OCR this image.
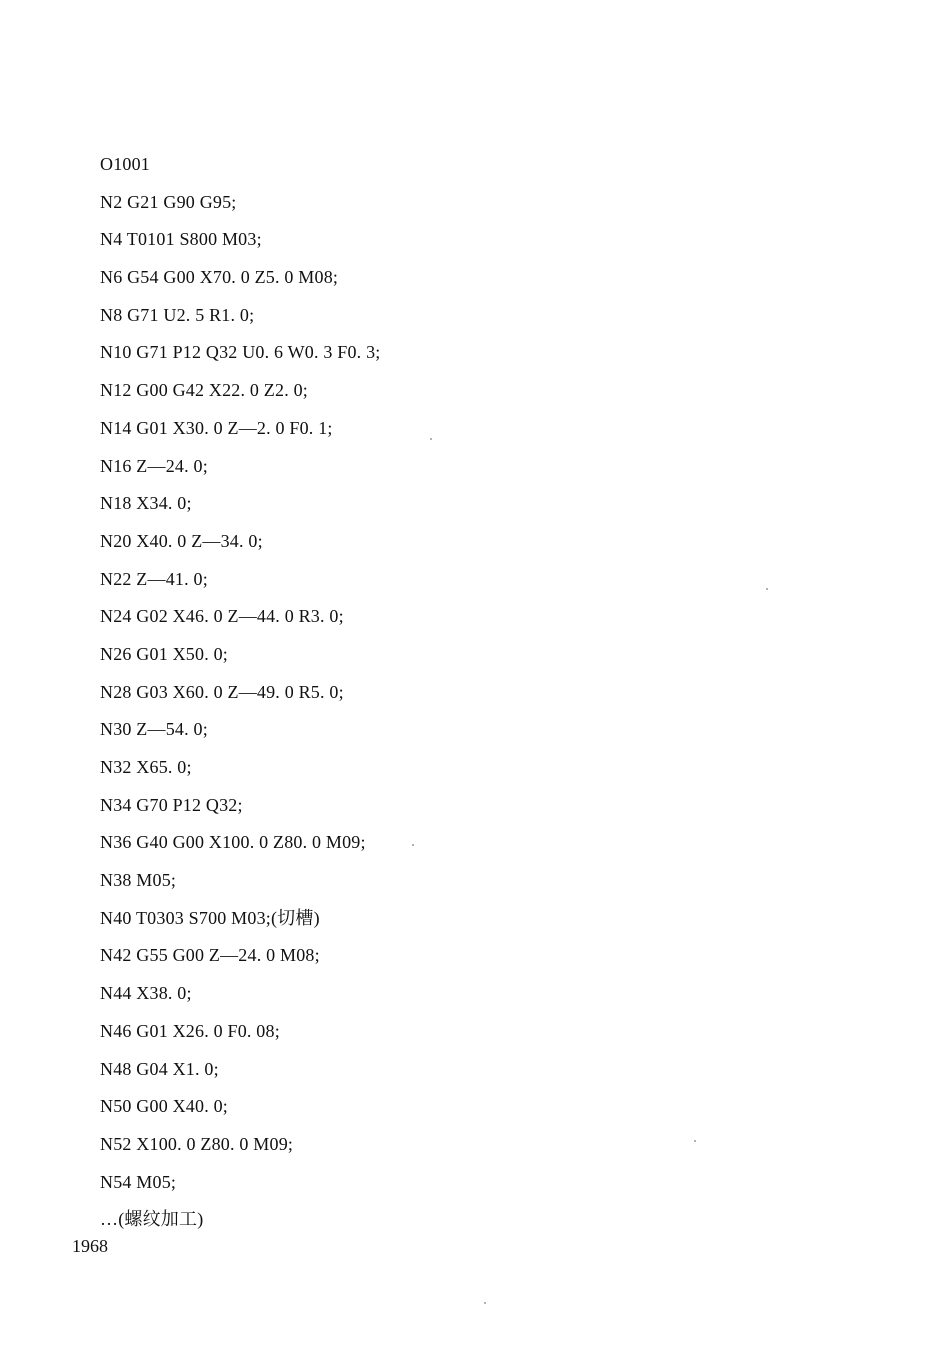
O1001
N2 G21 G90 G95;
N4 T0101 S800 M03;
N6 G54 G00 X70. 0 Z5. 0 M08;
N8 G71 U2. 5 R1. 0;
N10 G71 P12 Q32 U0. 6 W0. 3 F0. 3;
N12 G00 G42 X22. 0 Z2. 0;
N14 G01 X30. 0 Z—2. 0 F0. 1;
N16 Z—24. 0;
N18 X34. 0;
N20 X40. 0 Z—34. 0;
N22 Z—41. 0;
N24 G02 X46. 0 Z—44. 0 R3. 0;
N26 G01 X50. 0;
N28 G03 X60. 0 Z—49. 0 R5. 0;
N30 Z—54. 0;
N32 X65. 0;
N34 G70 P12 Q32;
N36 G40 G00 X100. 0 Z80. 0 M09;
N38 M05;
N40 T0303 S700 M03;(切槽)
N42 G55 G00 Z—24. 0 M08;
N44 X38. 0;
N46 G01 X26. 0 F0. 08;
N48 G04 X1. 0;
N50 G00 X40. 0;
N52 X100. 0 Z80. 0 M09;
N54 M05;
…(螺纹加工)
1968
